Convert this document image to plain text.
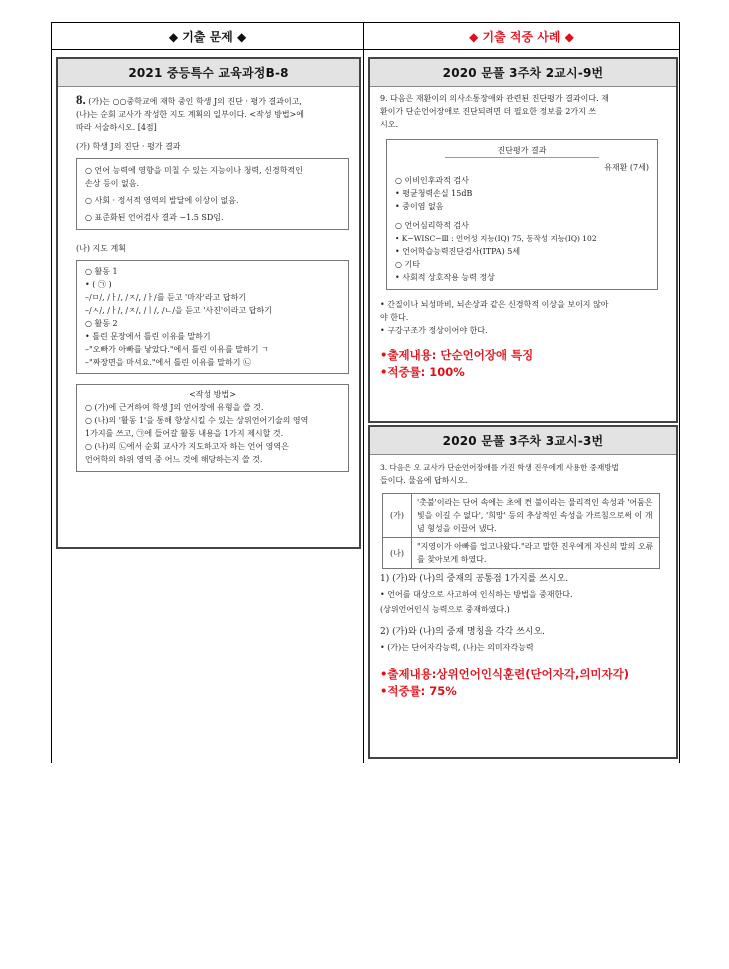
◆ 기출 문제 ◆	◆ 기출 적중 사례 ◆
2021 중등특수 교육과정B-8
8. (가)는 ○○중학교에 재학 중인 학생 J의 진단 · 평가 결과이고,
(나)는 순회 교사가 작성한 지도 계획의 일부이다. <작성 방법>에
따라 서술하시오. [4점]
(가) 학생 J의 진단 · 평가 결과
○ 언어 능력에 영향을 미칠 수 있는 지능이나 청력, 신경학적인
손상 등이 없음.
○ 사회 · 정서적 영역의 발달에 이상이 없음.
○ 표준화된 언어검사 결과 −1.5 SD임.
(나) 지도 계획
○ 활동 1
• ( ㉠ )
–/ㅁ/, /ㅏ/, /ㅈ/, /ㅏ/를 듣고 '마자'라고 답하기
–/ㅅ/, /ㅏ/, /ㅈ/, /ㅣ/, /ㄴ/을 듣고 '사진'이라고 답하기
○ 활동 2
• 틀린 문장에서 틀린 이유를 말하기
–"오빠가 아빠를 낳았다."에서 틀린 이유를 말하기 ㄱ
–"짜장면을 마셔요."에서 틀린 이유를 말하기 ㉡
<작성 방법>
○ (가)에 근거하여 학생 J의 언어장애 유형을 쓸 것.
○ (나)의 '활동 1'을 통해 향상시킬 수 있는 상위언어기술의 영역
1가지를 쓰고, ㉠에 들어갈 활동 내용을 1가지 제시할 것.
○ (나)의 ㉡에서 순회 교사가 지도하고자 하는 언어 영역은
언어학의 하위 영역 중 어느 것에 해당하는지 쓸 것.
2020 문풀 3주차 2교시-9번
9. 다음은 재환이의 의사소통장애와 관련된 진단평가 결과이다. 재
환이가 단순언어장애로 진단되려면 더 필요한 정보를 2가지 쓰
시오.
진단평가 결과
유재환 (7세)
○ 이비인후과적 검사
• 평균청력손실 15dB
• 중이염 없음
○ 언어심리학적 검사
• K−WISC−Ⅲ : 언어성 지능(IQ) 75, 동작성 지능(IQ) 102
• 언어학습능력진단검사(ITPA) 5세
○ 기타
• 사회적 상호작용 능력 정상
• 간질이나 뇌성마비, 뇌손상과 같은 신경학적 이상을 보이지 않아
야 한다.
• 구강구조가 정상이어야 한다.
•출제내용: 단순언어장애 특징
•적중률: 100%
2020 문풀 3주차 3교시-3번
3. 다음은 오 교사가 단순언어장애를 가진 학생 진우에게 사용한 중재방법
들이다. 물음에 답하시오.
(가)	'촛불'이라는 단어 속에는 초에 켠 불이라는 물리적인 속성과 '어둠은 빛을 이길 수 없다', '희망' 등의 추상적인 속성을 가르침으로써 이 개념 형성을 이끌어 냈다.
(나)	"지영이가 아빠를 업고나왔다."라고 말한 진우에게 자신의 말의 오류를 찾아보게 하였다.
1) (가)와 (나)의 중재의 공통점 1가지를 쓰시오.
• 언어를 대상으로 사고하여 인식하는 방법을 중재한다.
(상위언어인식 능력으로 중재하였다.)
2) (가)와 (나)의 중재 명칭을 각각 쓰시오.
• (가)는 단어자각능력, (나)는 의미자각능력
•출제내용:상위언어인식훈련(단어자각,의미자각)
•적중률: 75%
